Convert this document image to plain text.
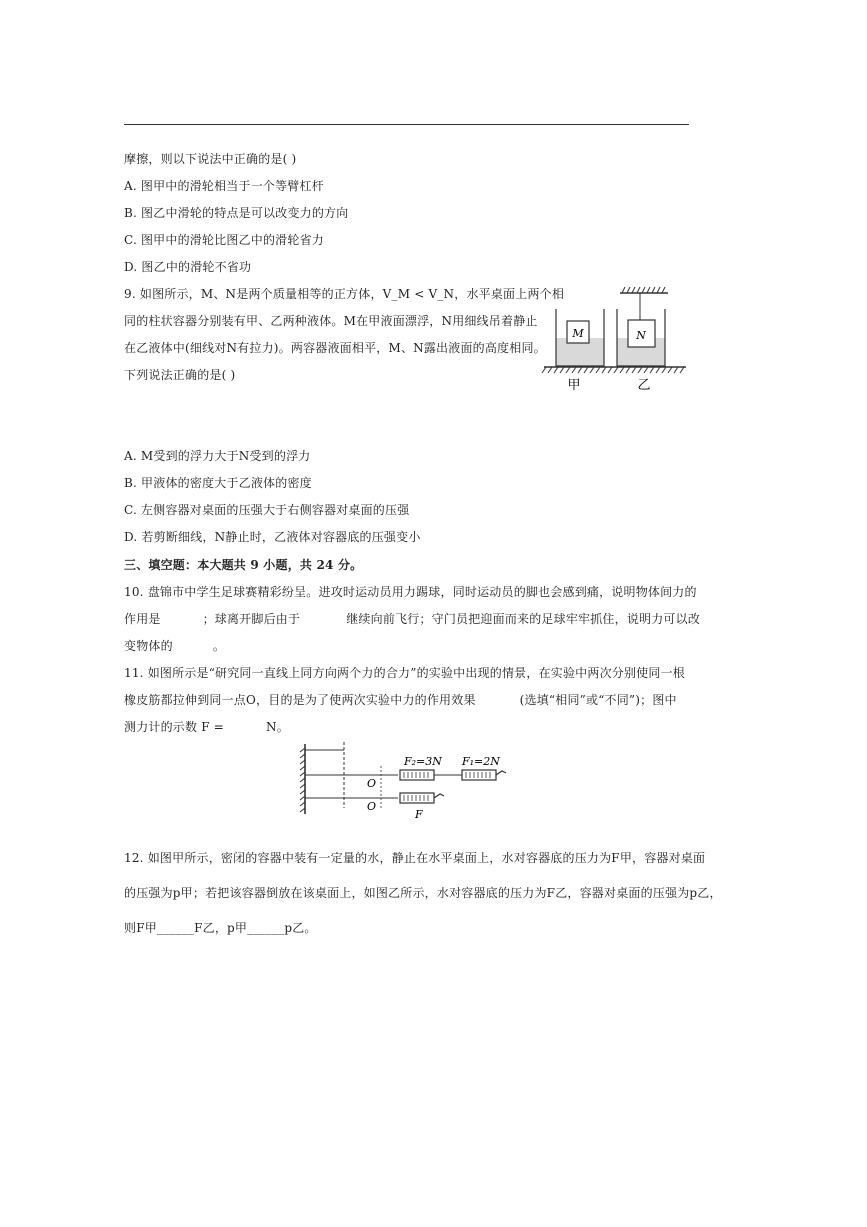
摩擦，则以下说法中正确的是( )
A. 图甲中的滑轮相当于一个等臂杠杆
B. 图乙中滑轮的特点是可以改变力的方向
C. 图甲中的滑轮比图乙中的滑轮省力
D. 图乙中的滑轮不省功
9. 如图所示，M、N是两个质量相等的正方体，V_M < V_N，水平桌面上两个相
同的柱状容器分别装有甲、乙两种液体。M在甲液面漂浮，N用细线吊着静止
在乙液体中(细线对N有拉力)。两容器液面相平，M、N露出液面的高度相同。
下列说法正确的是( )
M	N
甲	乙
A. M受到的浮力大于N受到的浮力
B. 甲液体的密度大于乙液体的密度
C. 左侧容器对桌面的压强大于右侧容器对桌面的压强
D. 若剪断细线，N静止时，乙液体对容器底的压强变小
三、填空题：本大题共 9 小题，共 24 分。
10. 盘锦市中学生足球赛精彩纷呈。进攻时运动员用力踢球，同时运动员的脚也会感到痛，说明物体间力的
作用是	；球离开脚后由于	继续向前飞行；守门员把迎面而来的足球牢牢抓住，说明力可以改
变物体的	。
11. 如图所示是“研究同一直线上同方向两个力的合力”的实验中出现的情景，在实验中两次分别使同一根
橡皮筋都拉伸到同一点O，目的是为了使两次实验中力的作用效果	(选填“相同”或“不同”)；图中
测力计的示数 F =	N。
F₂=3N F₁=2N
O
O
F
12. 如图甲所示，密闭的容器中装有一定量的水，静止在水平桌面上，水对容器底的压力为F甲，容器对桌面
的压强为p甲；若把该容器倒放在该桌面上，如图乙所示，水对容器底的压力为F乙，容器对桌面的压强为p乙，
则F甲______F乙，p甲______p乙。
